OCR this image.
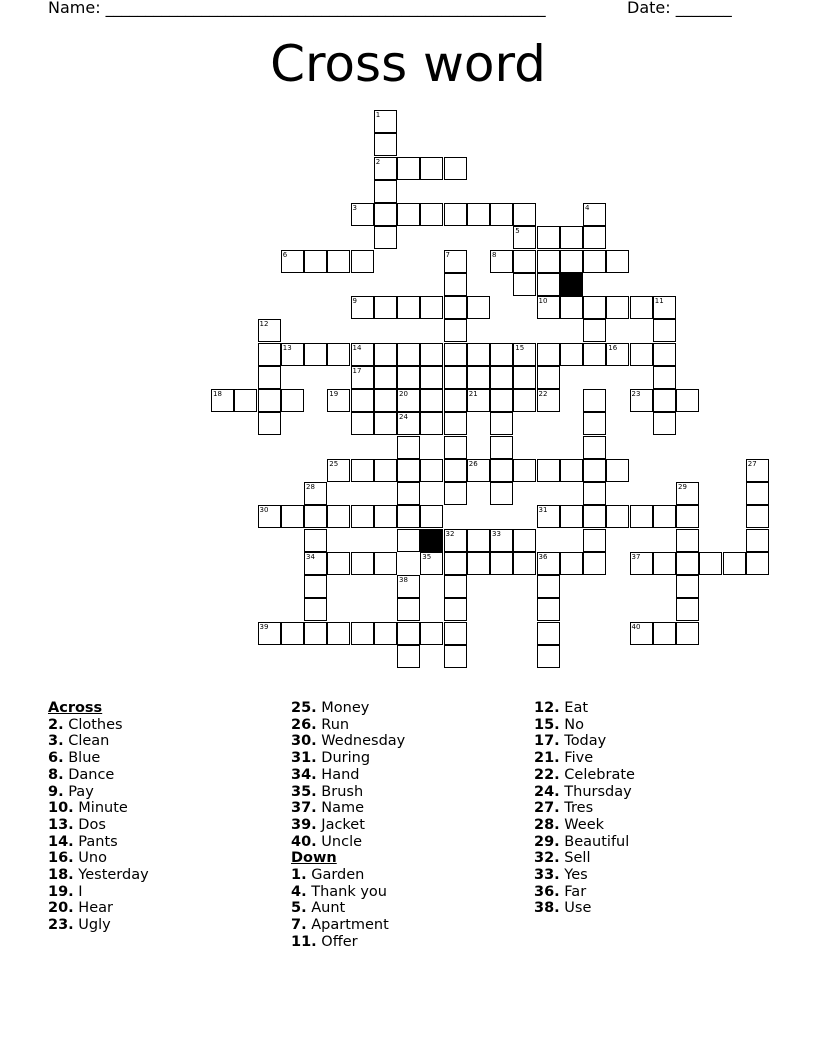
Name: _______________________________________________________	Date: _______
Cross word
1
2
3
5
4
6	7	8
9	10	11
12
13	14	15	16
17
18	20	21
24
25	26	27
28	29
30	31
33
34	35	36	37
38
39	40
19	22	23
32
Across
2. Clothes
3. Clean
6. Blue
8. Dance
9. Pay
10. Minute
13. Dos
14. Pants
16. Uno
18. Yesterday
19. I
20. Hear
23. Ugly
25. Money
26. Run
30. Wednesday
31. During
34. Hand
35. Brush
37. Name
39. Jacket
40. Uncle
Down
1. Garden
4. Thank you
5. Aunt
7. Apartment
11. Offer
12. Eat
15. No
17. Today
21. Five
22. Celebrate
24. Thursday
27. Tres
28. Week
29. Beautiful
32. Sell
33. Yes
36. Far
38. Use
